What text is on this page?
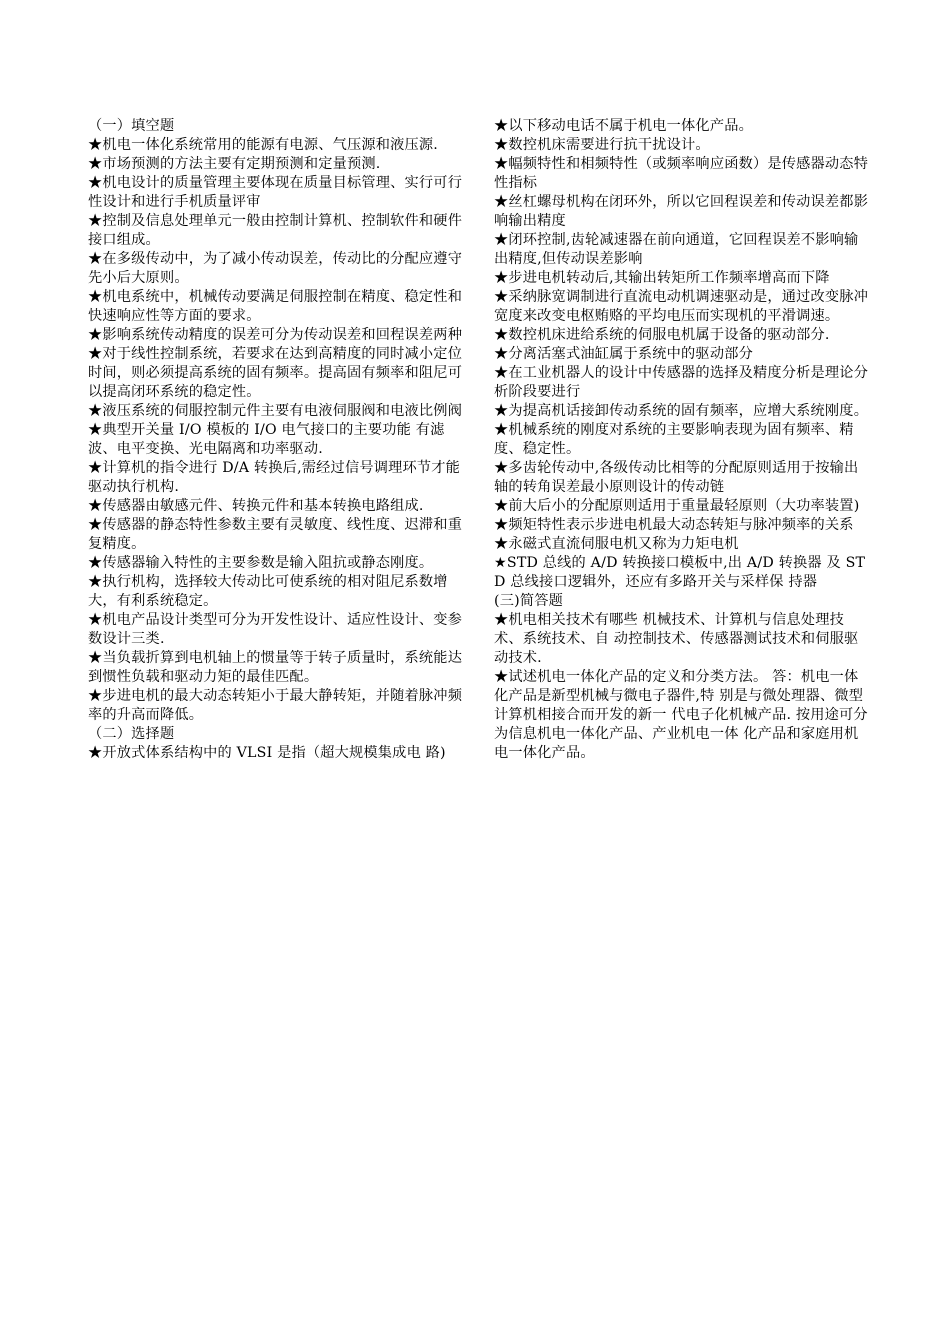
（一）填空题

★机电一体化系统常用的能源有电源、气压源和液压源.

★市场预测的方法主要有定期预测和定量预测.

★机电设计的质量管理主要体现在质量目标管理、实行可行性设计和进行手机质量评审

★控制及信息处理单元一般由控制计算机、控制软件和硬件接口组成。

★在多级传动中，为了减小传动误差，传动比的分配应遵守先小后大原则。

★机电系统中，机械传动要满足伺服控制在精度、稳定性和快速响应性等方面的要求。

★影响系统传动精度的误差可分为传动误差和回程误差两种

★对于线性控制系统，若要求在达到高精度的同时减小定位时间，则必须提高系统的固有频率。提高固有频率和阻尼可以提高闭环系统的稳定性。

★液压系统的伺服控制元件主要有电液伺服阀和电液比例阀

★典型开关量 I/O 模板的 I/O 电气接口的主要功能 有滤波、电平变换、光电隔离和功率驱动.

★计算机的指令进行 D/A 转换后,需经过信号调理环节才能驱动执行机构.

★传感器由敏感元件、转换元件和基本转换电路组成.

★传感器的静态特性参数主要有灵敏度、线性度、迟滞和重复精度。

★传感器输入特性的主要参数是输入阻抗或静态刚度。

★执行机构，选择较大传动比可使系统的相对阻尼系数增大，有利系统稳定。

★机电产品设计类型可分为开发性设计、适应性设计、变参数设计三类.

★当负载折算到电机轴上的惯量等于转子质量时，系统能达到惯性负载和驱动力矩的最佳匹配。

★步进电机的最大动态转矩小于最大静转矩，并随着脉冲频率的升高而降低。

（二）选择题

★开放式体系结构中的 VLSI 是指（超大规模集成电 路)

★以下移动电话不属于机电一体化产品。

★数控机床需要进行抗干扰设计。

★幅频特性和相频特性（或频率响应函数）是传感器动态特性指标

★丝杠螺母机构在闭环外，所以它回程误差和传动误差都影响输出精度

★闭环控制,齿轮减速器在前向通道，它回程误差不影响输出精度,但传动误差影响

★步进电机转动后,其输出转矩所工作频率增高而下降

★采纳脉宽调制进行直流电动机调速驱动是，通过改变脉冲宽度来改变电枢贿赂的平均电压而实现机的平滑调速。

★数控机床进给系统的伺服电机属于设备的驱动部分.

★分离活塞式油缸属于系统中的驱动部分

★在工业机器人的设计中传感器的选择及精度分析是理论分析阶段要进行

★为提高机话接卸传动系统的固有频率，应增大系统刚度。

★机械系统的刚度对系统的主要影响表现为固有频率、精度、稳定性。

★多齿轮传动中,各级传动比相等的分配原则适用于按输出轴的转角误差最小原则设计的传动链

★前大后小的分配原则适用于重量最轻原则（大功率装置)

★频矩特性表示步进电机最大动态转矩与脉冲频率的关系

★永磁式直流伺服电机又称为力矩电机

★STD 总线的 A/D 转换接口模板中,出 A/D 转换器 及 STD 总线接口逻辑外，还应有多路开关与采样保 持器

(三)简答题

★机电相关技术有哪些 机械技术、计算机与信息处理技术、系统技术、自 动控制技术、传感器测试技术和伺服驱动技术.

★试述机电一体化产品的定义和分类方法。 答：机电一体化产品是新型机械与微电子器件,特 别是与微处理器、微型计算机相接合而开发的新一 代电子化机械产品. 按用途可分为信息机电一体化产品、产业机电一体 化产品和家庭用机电一体化产品。
